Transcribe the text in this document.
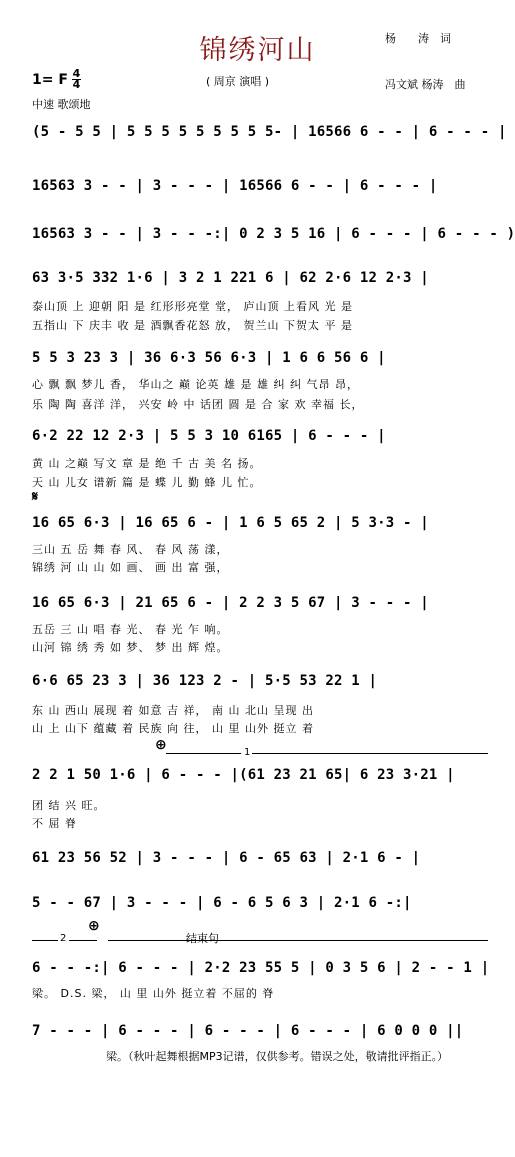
锦绣河山
( 周京 演唱 )
杨　　涛　词
冯文斌 杨涛　曲
1= F 4
4
中速 歌颂地
(5 - 5 5 | 5 5 5 5 5 5 5 5 5- | 16566 6 - - | 6 - - - |
16563 3 - - | 3 - - - | 16566 6 - - | 6 - - - |
16563 3 - - | 3 - - -:| 0 2 3 5 16 | 6 - - - | 6 - - - )
63 3·5 332 1·6 | 3 2 1 221 6 | 62 2·6 12 2·3 |
泰山顶 上 迎朝 阳 是 红形形亮堂 堂， 庐山顶 上看风 光 是
五指山 下 庆丰 收 是 酒飘香花怒 放， 贺兰山 下贺太 平 是
5 5 3 23 3 | 36 6·3 56 6·3 | 1 6 6 56 6 |
心 飘 飘 梦儿 香， 华山之 巅 论英 雄 是 雄 纠 纠 气昂 昂，
乐 陶 陶 喜洋 洋， 兴安 岭 中 话团 圆 是 合 家 欢 幸福 长，
6·2 22 12 2·3 | 5 5 3 10 6165 | 6 - - - |
黄 山 之巅 写文 章 是 绝 千 古 美 名 扬。
天 山 儿女 谱新 篇 是 蝶 儿 勤 蜂 儿 忙。
𝄋
16 65 6·3 | 16 65 6 - | 1 6 5 65 2 | 5 3·3 - |
三山 五 岳 舞 春 风、 春 风 荡 漾，
锦绣 河 山 山 如 画、 画 出 富 强，
16 65 6·3 | 21 65 6 - | 2 2 3 5 67 | 3 - - - |
五岳 三 山 唱 春 光、 春 光 乍 响。
山河 锦 绣 秀 如 梦、 梦 出 辉 煌。
6·6 65 23 3 | 36 123 2 - | 5·5 53 22 1 |
东 山 西山 展现 着 如意 吉 祥， 南 山 北山 呈现 出
山 上 山下 蕴藏 着 民族 向 往， 山 里 山外 挺立 着
⊕	1
2 2 1 50 1·6 | 6 - - - |(61 23 21 65| 6 23 3·21 |
团 结 兴 旺。
不 屈 脊
61 23 56 52 | 3 - - - | 6 - 65 63 | 2·1 6 - |
5 - - 67 | 3 - - - | 6 - 6 5 6 3 | 2·1 6 -:|
2
⊕
结束句
6 - - -:| 6 - - - | 2·2 23 55 5 | 0 3 5 6 | 2 - - 1 |
梁。 D.S. 梁， 山 里 山外 挺立着 不屈的 脊
7 - - - | 6 - - - | 6 - - - | 6 - - - | 6 0 0 0 ||
梁。（秋叶起舞根据MP3记谱，仅供参考。错误之处，敬请批评指正。）
